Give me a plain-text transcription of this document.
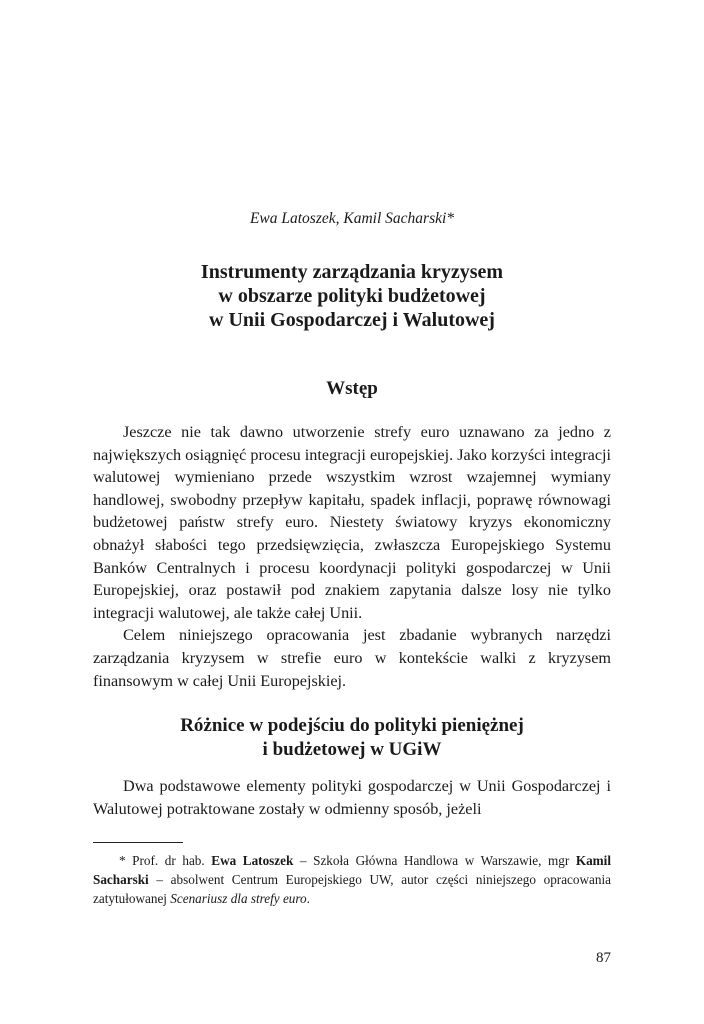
Ewa Latoszek, Kamil Sacharski*
Instrumenty zarządzania kryzysem
w obszarze polityki budżetowej
w Unii Gospodarczej i Walutowej
Wstęp

Jeszcze nie tak dawno utworzenie strefy euro uznawano za jedno z największych osiągnięć procesu integracji europejskiej. Jako korzyści integracji walutowej wymieniano przede wszystkim wzrost wzajemnej wymiany handlowej, swobodny przepływ kapitału, spadek inflacji, poprawę równowagi budżetowej państw strefy euro. Niestety światowy kryzys ekonomiczny obnażył słabości tego przedsięwzięcia, zwłaszcza Europejskiego Systemu Banków Centralnych i procesu koordynacji polityki gospodarczej w Unii Europejskiej, oraz postawił pod znakiem zapytania dalsze losy nie tylko integracji walutowej, ale także całej Unii.

Celem niniejszego opracowania jest zbadanie wybranych narzędzi zarządzania kryzysem w strefie euro w kontekście walki z kryzysem finansowym w całej Unii Europejskiej.

Różnice w podejściu do polityki pieniężnej
i budżetowej w UGiW

Dwa podstawowe elementy polityki gospodarczej w Unii Gospodarczej i Walutowej potraktowane zostały w odmienny sposób, jeżeli

* Prof. dr hab. Ewa Latoszek – Szkoła Główna Handlowa w Warszawie, mgr Kamil Sacharski – absolwent Centrum Europejskiego UW, autor części niniejszego opracowania zatytułowanej Scenariusz dla strefy euro.

87
